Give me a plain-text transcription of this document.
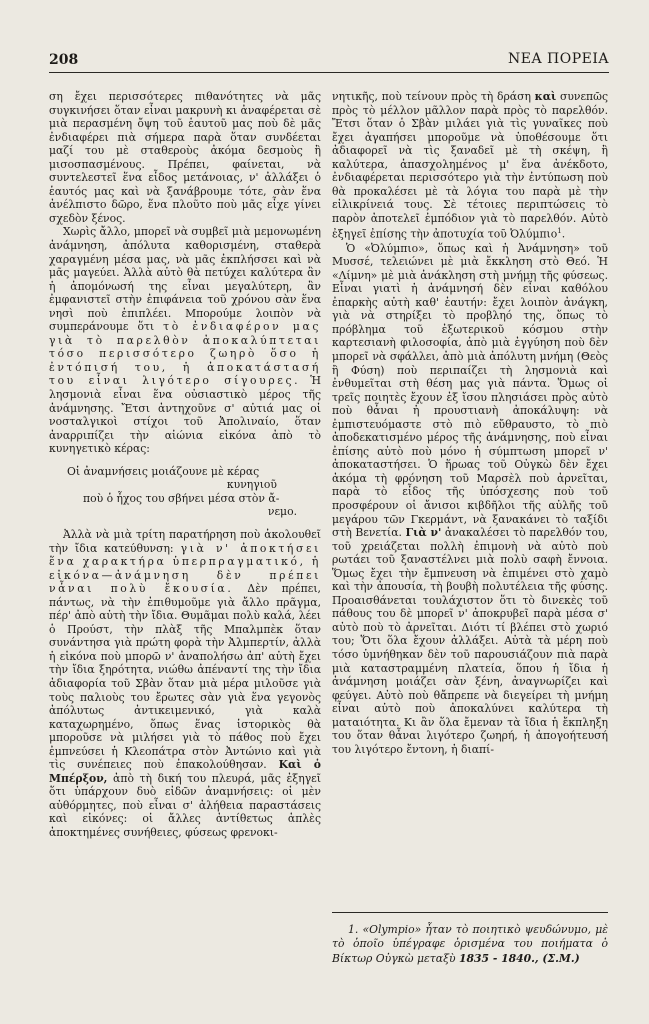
208	ΝΕΑ ΠΟΡΕΙΑ

ση ἔχει περισσότερες πιθανότητες νὰ μᾶς συγκινήσει ὅταν εἶναι μακρυνὴ κι ἀναφέρεται σὲ μιὰ περασμένη ὄψη τοῦ ἑαυτοῦ μας ποὺ δὲ μᾶς ἐνδιαφέρει πιὰ σήμερα παρὰ ὅταν συνδέεται μαζί του μὲ σταθεροὺς ἀκόμα δεσμοὺς ἢ μισοσπασμένους. Πρέπει, φαίνεται, νὰ συντελεστεῖ ἕνα εἶδος μετάνοιας, ν' ἀλλάξει ὁ ἑαυτός μας καὶ νὰ ξανάβρουμε τότε, σὰν ἕνα ἀνέλπιστο δῶρο, ἕνα πλοῦτο ποὺ μᾶς εἶχε γίνει σχεδὸν ξένος.

Χωρὶς ἄλλο, μπορεῖ νὰ συμβεῖ μιὰ μεμονωμένη ἀνάμνηση, ἀπόλυτα καθορισμένη, σταθερὰ χαραγμένη μέσα μας, νὰ μᾶς ἐκπλήσσει καὶ νὰ μᾶς μαγεύει. Ἀλλὰ αὐτὸ θὰ πετύχει καλύτερα ἂν ἡ ἀπομόνωσή της εἶναι μεγαλύτερη, ἂν ἐμφανιστεῖ στὴν ἐπιφάνεια τοῦ χρόνου σὰν ἕνα νησὶ ποὺ ἐπιπλέει. Μπορούμε λοιπὸν νὰ συμπεράνουμε ὅτι τὸ ἐνδιαφέρον μας γιὰ τὸ παρελθὸν ἀποκαλύπτεται τόσο περισσότερο ζωηρὸ ὅσο ἡ ἐντόπισή του, ἡ ἀποκατάστασή του εἶναι λιγότερο σίγουρες. Ἡ λησμονιὰ εἶναι ἕνα οὐσιαστικὸ μέρος τῆς ἀνάμνησης. Ἔτσι ἀντηχοῦνε σ' αὐτιά μας οἱ νοσταλγικοὶ στίχοι τοῦ Ἀπολιναίο, ὅταν ἀναρριπίζει τὴν αἰώνια εἰκόνα ἀπὸ τὸ κυνηγετικὸ κέρας:

Οἱ ἀναμνήσεις μοιάζουνε μὲ κέρας
κυνηγιοῦ
ποὺ ὁ ἦχος του σβήνει μέσα στὸν ἄ-
νεμο.

Ἀλλὰ νὰ μιὰ τρίτη παρατήρηση ποὺ ἀκολουθεῖ τὴν ἴδια κατεύθυνση: γιὰ ν' ἀποκτήσει ἕνα χαρακτήρα ὑπερπραγματικό, ἡ εἰκόνα—ἀνάμνηση δὲν πρέπει νἆναι πολὺ ἔκουσία. Δὲν πρέπει, πάντως, νὰ τὴν ἐπιθυμοῦμε γιὰ ἄλλο πρᾶγμα, πέρ' ἀπὸ αὐτὴ τὴν ἴδια. Θυμᾶμαι πολὺ καλά, λέει ὁ Προύστ, τὴν πλὰξ τῆς Μπαλμπὲκ ὅταν συνάντησα γιὰ πρώτη φορὰ τὴν Ἀλμπερτίν, ἀλλὰ ἡ εἰκόνα ποὺ μπορῶ ν' ἀναπολήσω ἀπ' αὐτὴ ἔχει τὴν ἴδια ξηρότητα, νιώθω ἀπέναντί της τὴν ἴδια ἀδιαφορία τοῦ Σβὰν ὅταν μιὰ μέρα μιλοῦσε γιὰ τοὺς παλιοὺς του ἔρωτες σὰν γιὰ ἕνα γεγονὸς ἀπόλυτως ἀντικειμενικό, γιὰ καλὰ καταχωρημένο, ὅπως ἕνας ἱστορικὸς θὰ μποροῦσε νὰ μιλήσει γιὰ τὸ πάθος ποὺ ἔχει ἐμπνεύσει ἡ Κλεοπάτρα στὸν Ἀντώνιο καὶ γιὰ τὶς συνέπειες ποὺ ἐπακολούθησαν. Καὶ ὁ Μπέρξον, ἀπὸ τὴ δική του πλευρά, μᾶς ἐξηγεῖ ὅτι ὑπάρχουν δυὸ εἰδῶν ἀναμνήσεις: οἱ μὲν αὐθόρμητες, ποὺ εἶναι σ' ἀλήθεια παραστάσεις καὶ εἰκόνες: οἱ ἄλλες ἀντίθετως ἁπλὲς ἀποκτημένες συνήθειες, φύσεως φρενοκι-

νητικῆς, ποὺ τείνουν πρὸς τὴ δράση καὶ συνεπῶς πρὸς τὸ μέλλον μᾶλλον παρὰ πρὸς τὸ παρελθόν. Ἔτσι ὅταν ὁ Σβὰν μιλάει γιὰ τὶς γυναῖκες ποὺ ἔχει ἀγαπήσει μποροῦμε νὰ ὑποθέσουμε ὅτι ἀδιαφορεῖ νὰ τὶς ξαναδεῖ μὲ τὴ σκέψη, ἢ καλύτερα, ἀπασχολημένος μ' ἕνα ἀνέκδοτο, ἐνδιαφέρεται περισσότερο γιὰ τὴν ἐντύπωση ποὺ θὰ προκαλέσει μὲ τὰ λόγια του παρὰ μὲ τὴν εἰλικρίνειά τους. Σὲ τέτοιες περιπτώσεις τὸ παρὸν ἀποτελεῖ ἐμπόδιον γιὰ τὸ παρελθόν. Αὐτὸ ἐξηγεῖ ἐπίσης τὴν ἀποτυχία τοῦ Ὀλύμπιο$^1$.

Ὁ «Ὀλύμπιο», ὅπως καὶ ἡ Ἀνάμνηση» τοῦ Μυσσέ, τελειώνει μὲ μιὰ ἔκκληση στὸ Θεό. Ἡ «Λίμνη» μὲ μιὰ ἀνάκληση στὴ μνήμη τῆς φύσεως. Εἶναι γιατὶ ἡ ἀνάμνησή δὲν εἶναι καθόλου ἐπαρκὴς αὐτὴ καθ' ἑαυτήν: ἔχει λοιπὸν ἀνάγκη, γιὰ νὰ στηρίξει τὸ προβληό της, ὅπως τὸ πρόβλημα τοῦ ἐξωτερικοῦ κόσμου στὴν καρτεσιανὴ φιλοσοφία, ἀπὸ μιὰ ἐγγύηση ποὺ δὲν μπορεῖ νὰ σφάλλει, ἀπὸ μιὰ ἀπόλυτη μνήμη (Θεὸς ἢ Φύση) ποὺ περιπαίζει τὴ λησμονιὰ καὶ ἐνθυμεῖται στὴ θέση μας γιὰ πάντα. Ὅμως οἱ τρεῖς ποιητὲς ἔχουν ἐξ ἴσου πλησιάσει πρὸς αὐτὸ ποὺ θἆναι ἡ προυστιανὴ ἀποκάλυψη: νὰ ἐμπιστευόμαστε στὸ πιὸ εὔθραυστο, τὸ πιὸ ἀποδεκατισμένο μέρος τῆς ἀνάμνησης, ποὺ εἶναι ἐπίσης αὐτὸ ποὺ μόνο ἡ σύμπτωση μπορεῖ ν' ἀποκαταστήσει. Ὁ ἥρωας τοῦ Οὐγκὼ δὲν ἔχει ἀκόμα τὴ φρόνηση τοῦ Μαρσὲλ ποὺ ἀρνεῖται, παρὰ τὸ εἶδος τῆς ὑπόσχεσης ποὺ τοῦ προσφέρουν οἱ ἄνισοι κιβδῆλοι τῆς αὐλῆς τοῦ μεγάρου τῶν Γκερμάντ, νὰ ξανακάνει τὸ ταξίδι στὴ Βενετία. Γιὰ ν' ἀνακαλέσει τὸ παρελθόν του, τοῦ χρειάζεται πολλὴ ἐπιμονὴ νὰ αὐτὸ ποὺ ρωτάει τοῦ ξαναστέλνει μιὰ πολὺ σαφὴ ἔννοια. Ὅμως ἔχει τὴν ἔμπνευση νὰ ἐπιμένει στὸ χαμὸ καὶ τὴν ἀπουσία, τὴ βουβὴ πολυτέλεια τῆς φύσης. Προαισθάνεται τουλάχιστον ὅτι τὸ δινεκὲς τοῦ πάθους του δὲ μπορεῖ ν' ἀποκρυβεῖ παρὰ μέσα σ' αὐτὸ ποὺ τὸ ἀρνεῖται. Διότι τί βλέπει στὸ χωριό του; Ὅτι ὅλα ἔχουν ἀλλάξει. Αὐτὰ τὰ μέρη ποὺ τόσο ὑμνήθηκαν δὲν τοῦ παρουσιάζουν πιὰ παρὰ μιὰ καταστραμμένη πλατεία, ὅπου ἡ ἴδια ἡ ἀνάμνηση μοιάζει σὰν ξένη, ἀναγνωρίζει καὶ φεύγει. Αὐτὸ ποὺ θἄπρεπε νὰ διεγείρει τὴ μνήμη εἶναι αὐτὸ ποὺ ἀποκαλύνει καλύτερα τὴ ματαιότητα. Κι ἂν ὅλα ἔμεναν τὰ ἴδια ἡ ἔκπληξη του ὅταν θἆναι λιγότερο ζωηρή, ἡ ἀπογοήτευσή του λιγότερο ἔντονη, ἡ διαπί-

1. «Olympio» ἦταν τὸ ποιητικὸ ψευδώνυμο, μὲ τὸ ὁποῖο ὑπέγραφε ὁρισμένα του ποιήματα ὁ Βίκτωρ Οὐγκὼ μεταξὺ 1835 - 1840., (Σ.Μ.)
